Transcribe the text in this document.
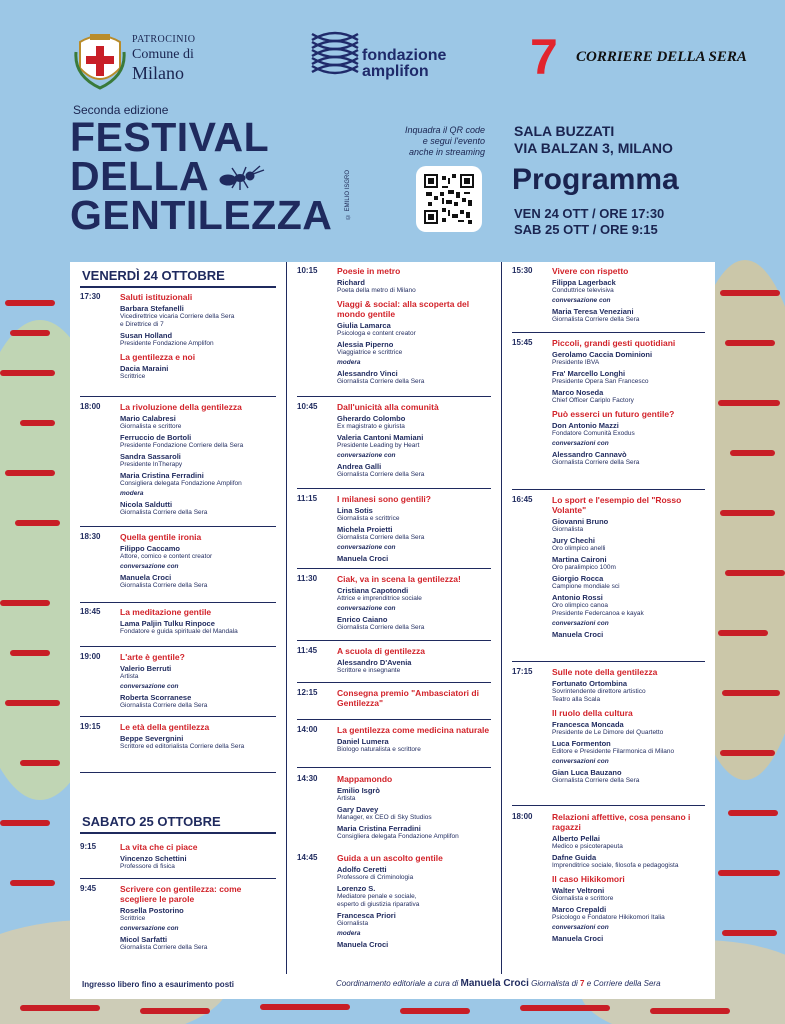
PATROCINIO
Comune di
Milano
fondazione
amplifon	7 CORRIERE DELLA SERA
Seconda edizione
FESTIVAL
DELLA
GENTILEZZA © EMILIO ISGRÒ
Inquadra il QR code
e segui l'evento
anche in streaming
SALA BUZZATI
VIA BALZAN 3, MILANO
Programma
VEN 24 OTT / ORE 17:30
SAB 25 OTT / ORE 9:15
VENERDÌ 24 OTTOBRE
SABATO 25 OTTOBRE
17:30 Saluti istituzionali
Barbara Stefanelli
Vicedirettrice vicaria Corriere della Sera
e Direttrice di 7
Susan Holland
Presidente Fondazione Amplifon
La gentilezza e noi
Dacia Maraini
Scrittrice
18:00 La rivoluzione della gentilezza
Mario Calabresi
Giornalista e scrittore
Ferruccio de Bortoli
Presidente Fondazione Corriere della Sera
Sandra Sassaroli
Presidente InTherapy
Maria Cristina Ferradini
Consigliera delegata Fondazione Amplifon
modera
Nicola Saldutti
Giornalista Corriere della Sera
18:30 Quella gentile ironia
Filippo Caccamo
Attore, comico e content creator
conversazione con
Manuela Croci
Giornalista Corriere della Sera
18:45 La meditazione gentile
Lama Paljin Tulku Rinpoce
Fondatore e guida spirituale del Mandala
19:00 L'arte è gentile?
Valerio Berruti
Artista
conversazione con
Roberta Scorranese
Giornalista Corriere della Sera
19:15 Le età della gentilezza
Beppe Severgnini
Scrittore ed editorialista Corriere della Sera
9:15	La vita che ci piace
Vincenzo Schettini
Professore di fisica
9:45	Scrivere con gentilezza: come scegliere le parole
Rosella Postorino
Scrittrice
conversazione con
Micol Sarfatti
Giornalista Corriere della Sera
10:15 Poesie in metro
Richard
Poeta della metro di Milano
Viaggi & social: alla scoperta del mondo gentile
Giulia Lamarca
Psicologa e content creator
Alessia Piperno
Viaggiatrice e scrittrice
modera
Alessandro Vinci
Giornalista Corriere della Sera
10:45 Dall'unicità alla comunità
Gherardo Colombo
Ex magistrato e giurista
Valeria Cantoni Mamiani
Presidente Leading by Heart
conversazione con
Andrea Galli
Giornalista Corriere della Sera
11:15 I milanesi sono gentili?
Lina Sotis
Giornalista e scrittrice
Michela Proietti
Giornalista Corriere della Sera
conversazione con
Manuela Croci
11:30 Ciak, va in scena la gentilezza!
Cristiana Capotondi
Attrice e imprenditrice sociale
conversazione con
Enrico Caiano
Giornalista Corriere della Sera
11:45 A scuola di gentilezza
Alessandro D'Avenia
Scrittore e insegnante
12:15 Consegna premio "Ambasciatori di Gentilezza"
14:00 La gentilezza come medicina naturale
Daniel Lumera
Biologo naturalista e scrittore
14:30 Mappamondo
Emilio Isgrò
Artista
Gary Davey
Manager, ex CEO di Sky Studios
Maria Cristina Ferradini
Consigliera delegata Fondazione Amplifon
14:45 Guida a un ascolto gentile
Adolfo Ceretti
Professore di Criminologia
Lorenzo S.
Mediatore penale e sociale,
esperto di giustizia riparativa
Francesca Priori
Giornalista
modera
Manuela Croci
15:30 Vivere con rispetto
Filippa Lagerback
Conduttrice televisiva
conversazione con
Maria Teresa Veneziani
Giornalista Corriere della Sera
15:45 Piccoli, grandi gesti quotidiani
Gerolamo Caccia Dominioni
Presidente IBVA
Fra' Marcello Longhi
Presidente Opera San Francesco
Marco Noseda
Chief Officer Cariplo Factory
Può esserci un futuro gentile?
Don Antonio Mazzi
Fondatore Comunità Exodus
conversazioni con
Alessandro Cannavò
Giornalista Corriere della Sera
16:45 Lo sport e l'esempio del "Rosso Volante"
Giovanni Bruno
Giornalista
Jury Chechi
Oro olimpico anelli
Martina Caironi
Oro paralimpico 100m
Giorgio Rocca
Campione mondiale sci
Antonio Rossi
Oro olimpico canoa
Presidente Federcanoa e kayak
conversazioni con
Manuela Croci
17:15 Sulle note della gentilezza
Fortunato Ortombina
Sovrintendente direttore artistico
Teatro alla Scala
Il ruolo della cultura
Francesca Moncada
Presidente de Le Dimore del Quartetto
Luca Formenton
Editore e Presidente Filarmonica di Milano
conversazioni con
Gian Luca Bauzano
Giornalista Corriere della Sera
18:00 Relazioni affettive, cosa pensano i ragazzi
Alberto Pellai
Medico e psicoterapeuta
Dafne Guida
Imprenditrice sociale, filosofa e pedagogista
Il caso Hikikomori
Walter Veltroni
Giornalista e scrittore
Marco Crepaldi
Psicologo e Fondatore Hikikomori Italia
conversazioni con
Manuela Croci
Ingresso libero fino a esaurimento posti	Coordinamento editoriale a cura di Manuela Croci Giornalista di 7 e Corriere della Sera
